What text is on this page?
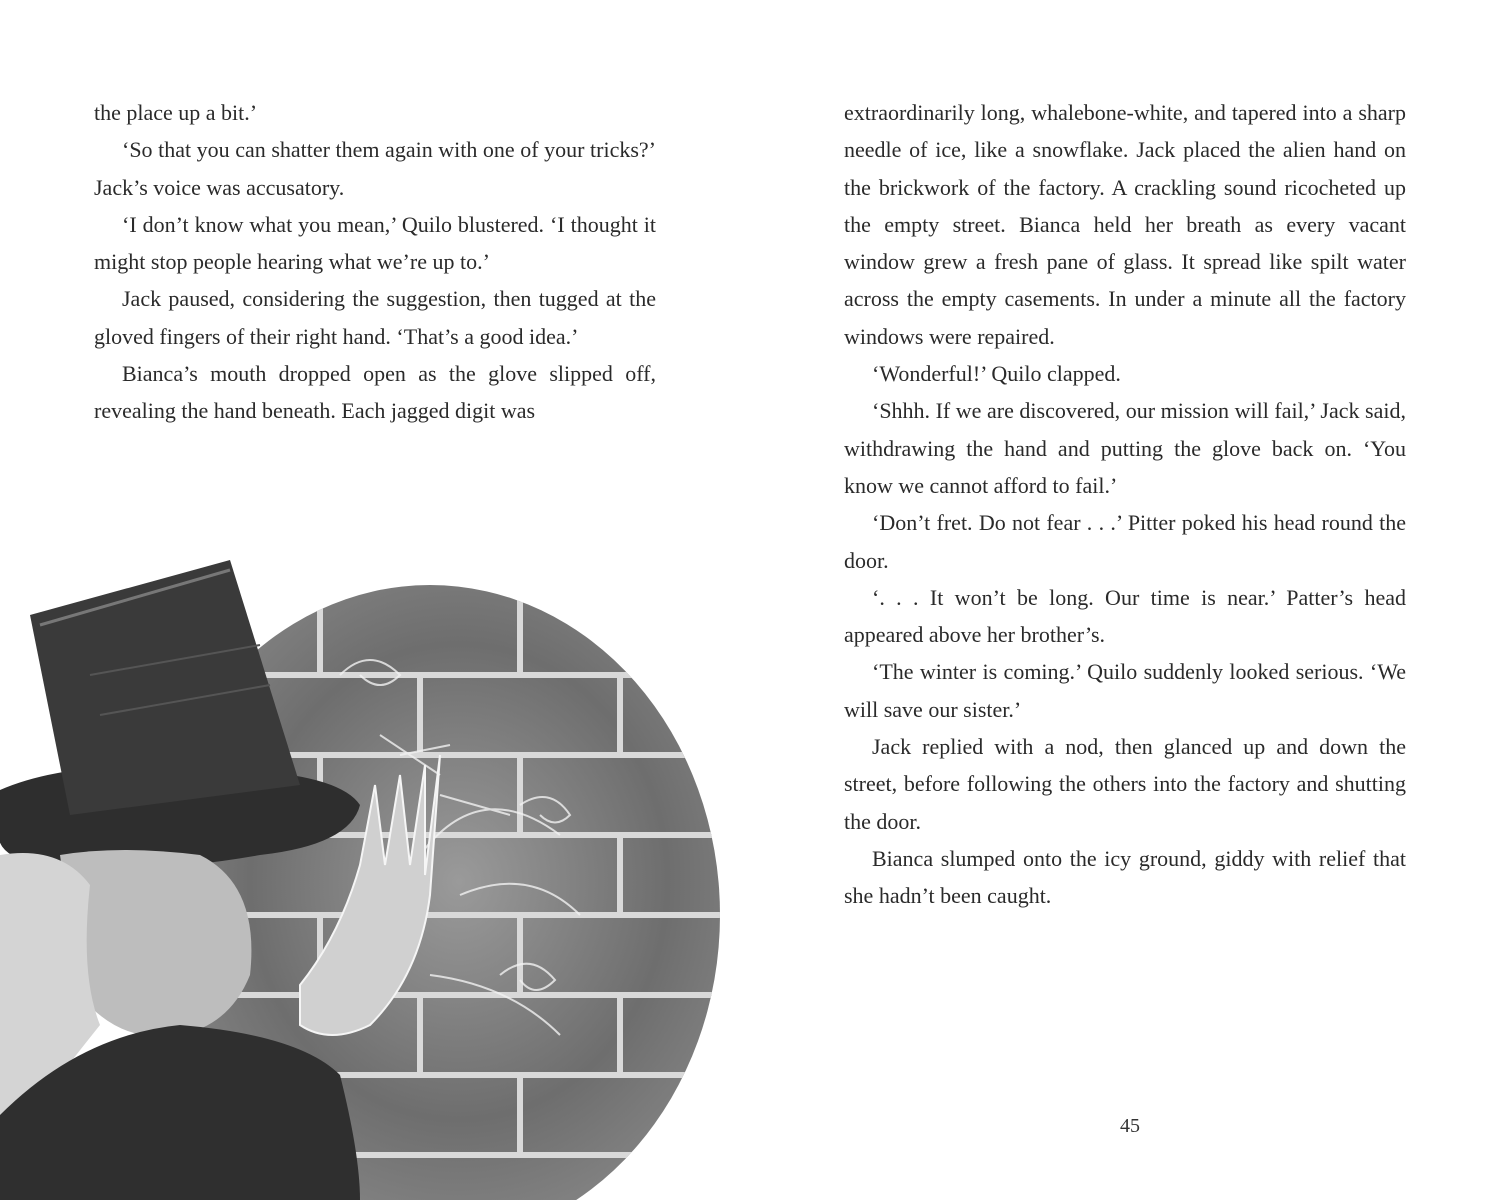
the place up a bit.’

‘So that you can shatter them again with one of your tricks?’ Jack’s voice was accusatory.

‘I don’t know what you mean,’ Quilo blustered. ‘I thought it might stop people hearing what we’re up to.’

Jack paused, considering the suggestion, then tugged at the gloved fingers of their right hand. ‘That’s a good idea.’

Bianca’s mouth dropped open as the glove slipped off, revealing the hand beneath. Each jagged digit was

extraordinarily long, whalebone-white, and tapered into a sharp needle of ice, like a snowflake. Jack placed the alien hand on the brickwork of the factory. A crackling sound ricocheted up the empty street. Bianca held her breath as every vacant window grew a fresh pane of glass. It spread like spilt water across the empty casements. In under a minute all the factory windows were repaired.

‘Wonderful!’ Quilo clapped.

‘Shhh. If we are discovered, our mission will fail,’ Jack said, withdrawing the hand and putting the glove back on. ‘You know we cannot afford to fail.’

‘Don’t fret. Do not fear . . .’ Pitter poked his head round the door.

‘. . . It won’t be long. Our time is near.’ Patter’s head appeared above her brother’s.

‘The winter is coming.’ Quilo suddenly looked serious. ‘We will save our sister.’

Jack replied with a nod, then glanced up and down the street, before following the others into the factory and shutting the door.

Bianca slumped onto the icy ground, giddy with relief that she hadn’t been caught.

45
